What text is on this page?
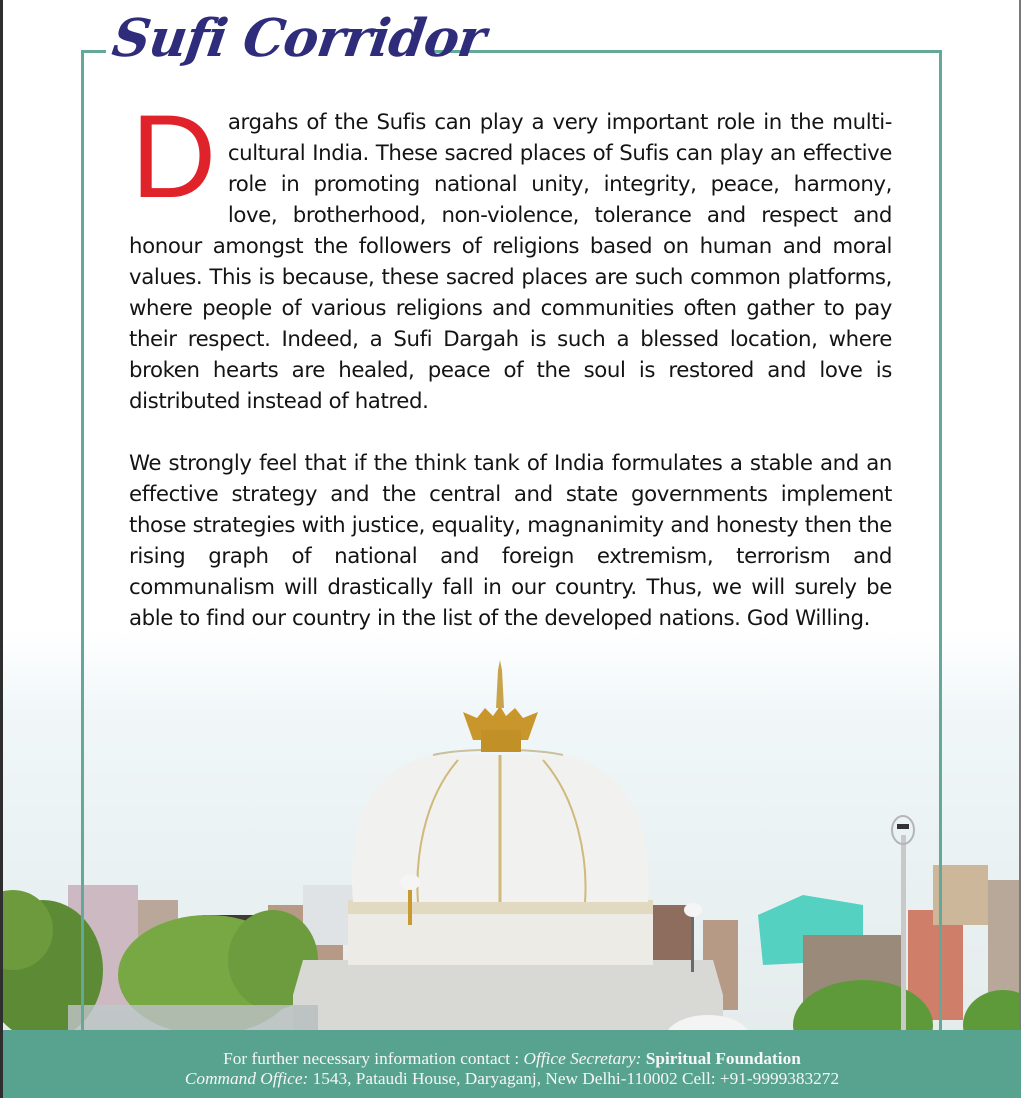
Sufi Corridor

Dargahs of the Sufis can play a very important role in the multi-cultural India. These sacred places of Sufis can play an effective role in promoting national unity, integrity, peace, harmony, love, brotherhood, non-violence, tolerance and respect and honour amongst the followers of religions based on human and moral values. This is because, these sacred places are such common platforms, where people of various religions and communities often gather to pay their respect. Indeed, a Sufi Dargah is such a blessed location, where broken hearts are healed, peace of the soul is restored and love is distributed instead of hatred.

We strongly feel that if the think tank of India formulates a stable and an effective strategy and the central and state governments implement those strategies with justice, equality, magnanimity and honesty then the rising graph of national and foreign extremism, terrorism and communalism will drastically fall in our country. Thus, we will surely be able to find our country in the list of the developed nations. God Willing.

For further necessary information contact : Office Secretary: Spiritual Foundation
Command Office: 1543, Pataudi House, Daryaganj, New Delhi-110002 Cell: +91-9999383272
